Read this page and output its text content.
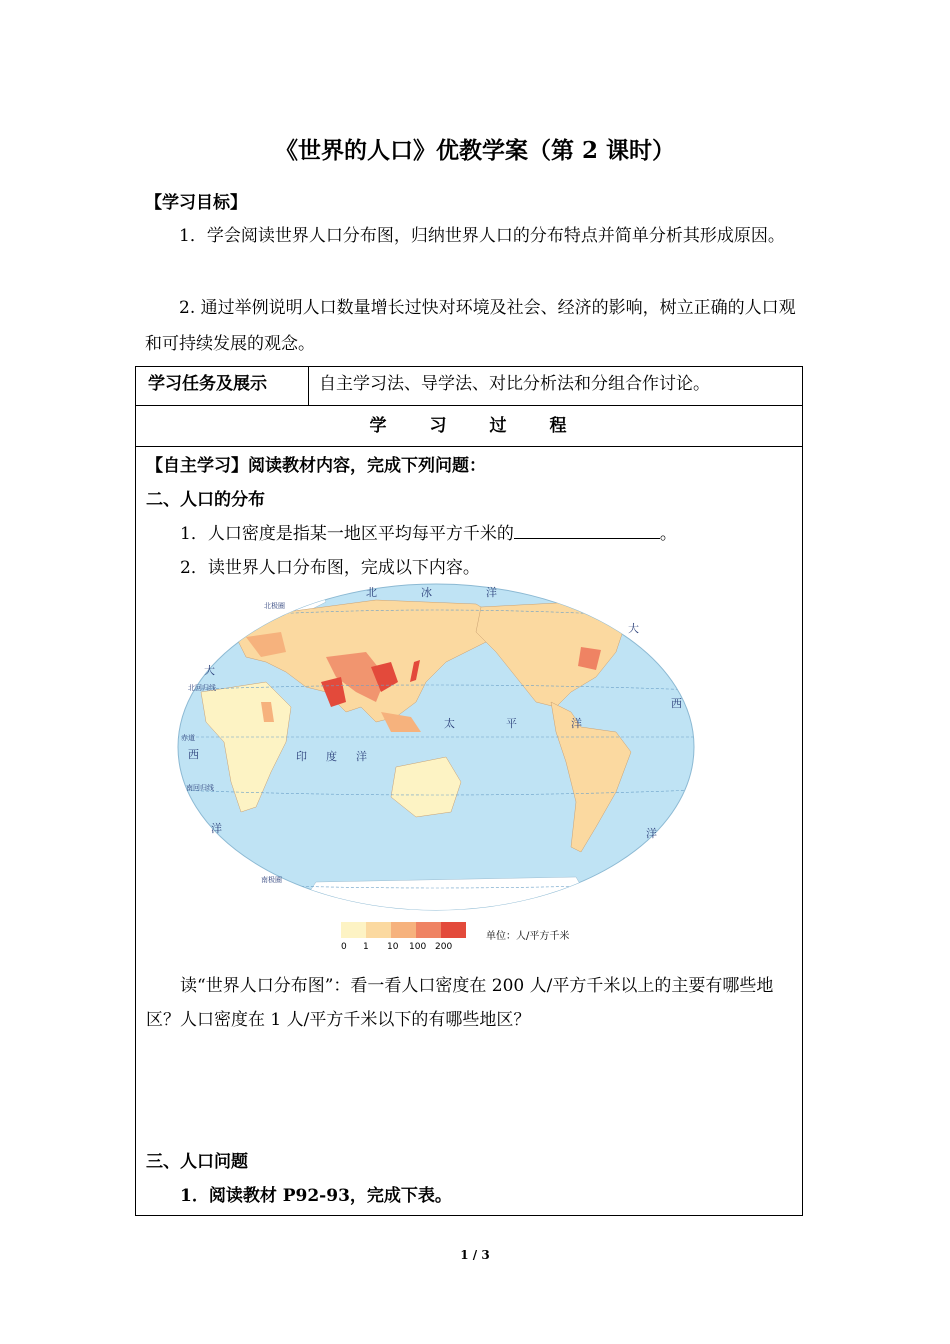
《世界的人口》优教学案（第 2 课时）
【学习目标】
1．学会阅读世界人口分布图，归纳世界人口的分布特点并简单分析其形成原因。
2. 通过举例说明人口数量增长过快对环境及社会、经济的影响，树立正确的人口观和可持续发展的观念。
学习任务及展示	自主学习法、导学法、对比分析法和分组合作讨论。
学 习 过 程

【自主学习】阅读教材内容，完成下列问题：
二、人口的分布
1．人口密度是指某一地区平均每平方千米的	。
2．读世界人口分布图，完成以下内容。
北	冰	洋
大
西
洋
印 度 洋
太	平	洋
大
西
洋
北极圈
北回归线
赤道
南回归线
南极圈
0 1 10 100 200
单位：人/平方千米
读“世界人口分布图”：看一看人口密度在 200 人/平方千米以上的主要有哪些地区？人口密度在 1 人/平方千米以下的有哪些地区？
三、人口问题
1．阅读教材 P92-93，完成下表。
1 / 3
